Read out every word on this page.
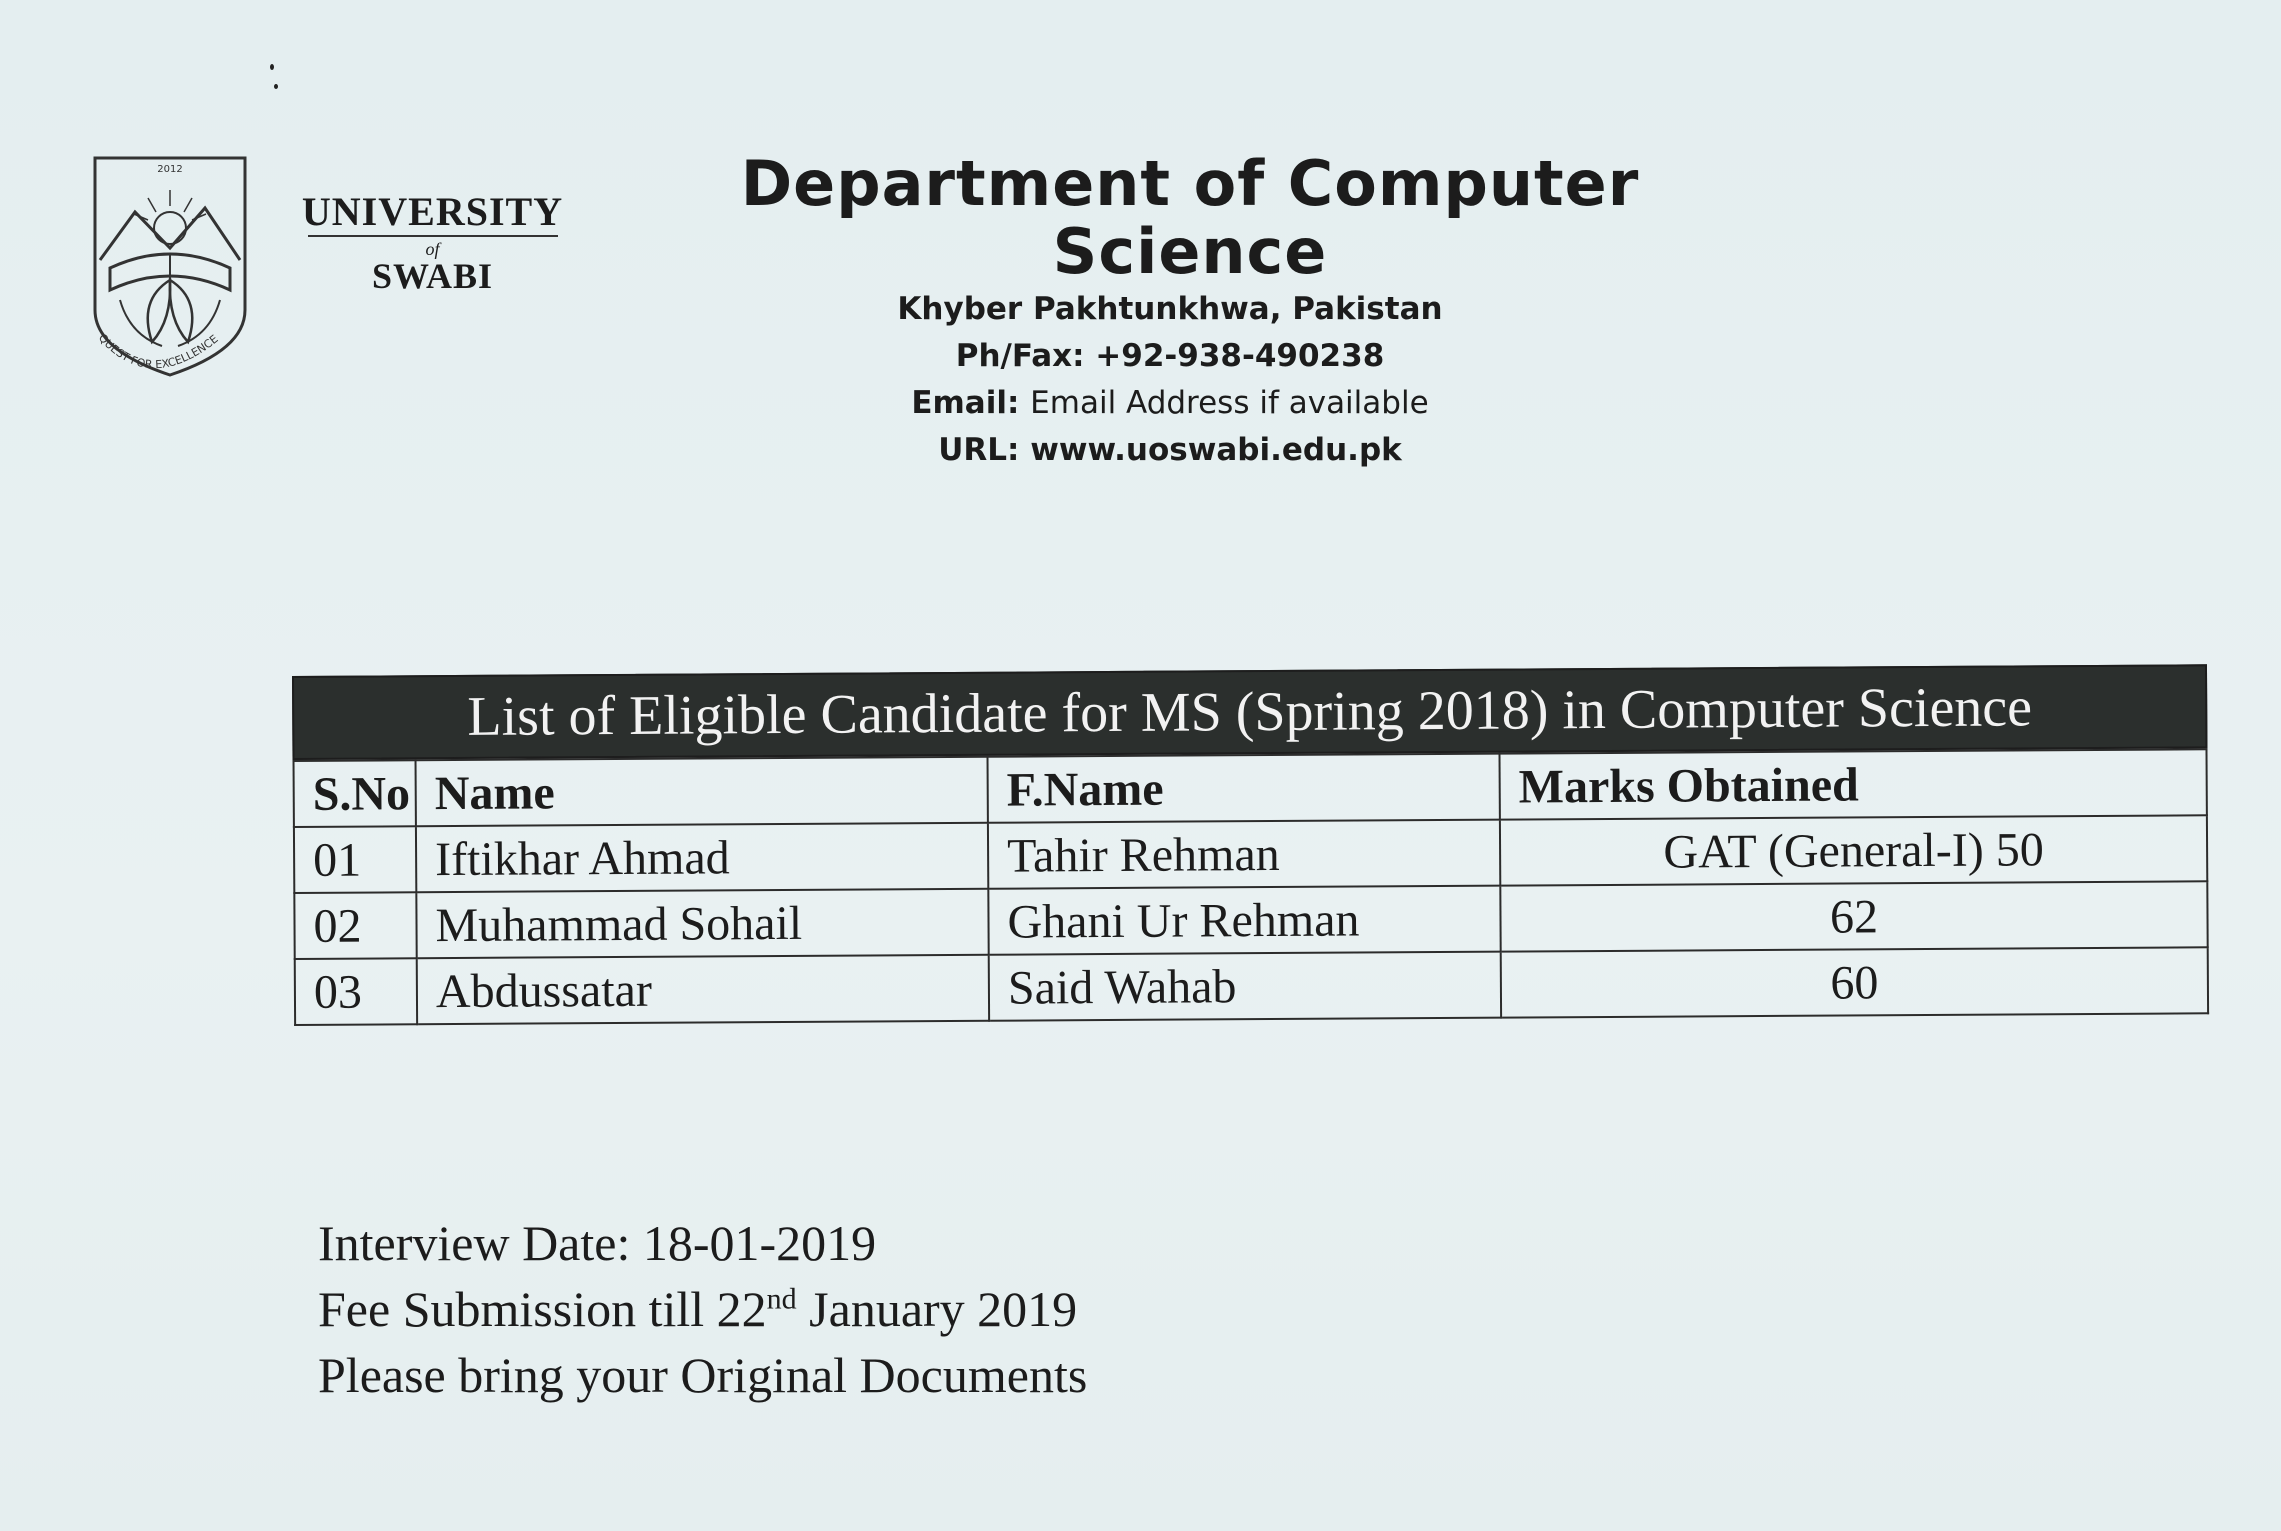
2012
QUEST FOR EXCELLENCE
UNIVERSITY
of
SWABI
Department of Computer Science
Khyber Pakhtunkhwa, Pakistan
Ph/Fax: +92-938-490238
Email: Email Address if available
URL: www.uoswabi.edu.pk
List of Eligible Candidate for MS (Spring 2018) in Computer Science
S.No	Name	F.Name	Marks Obtained
01	Iftikhar Ahmad	Tahir Rehman	GAT (General-I) 50
02	Muhammad Sohail	Ghani Ur Rehman	62
03	Abdussatar	Said Wahab	60
Interview Date: 18-01-2019
Fee Submission till 22nd January 2019
Please bring your Original Documents
